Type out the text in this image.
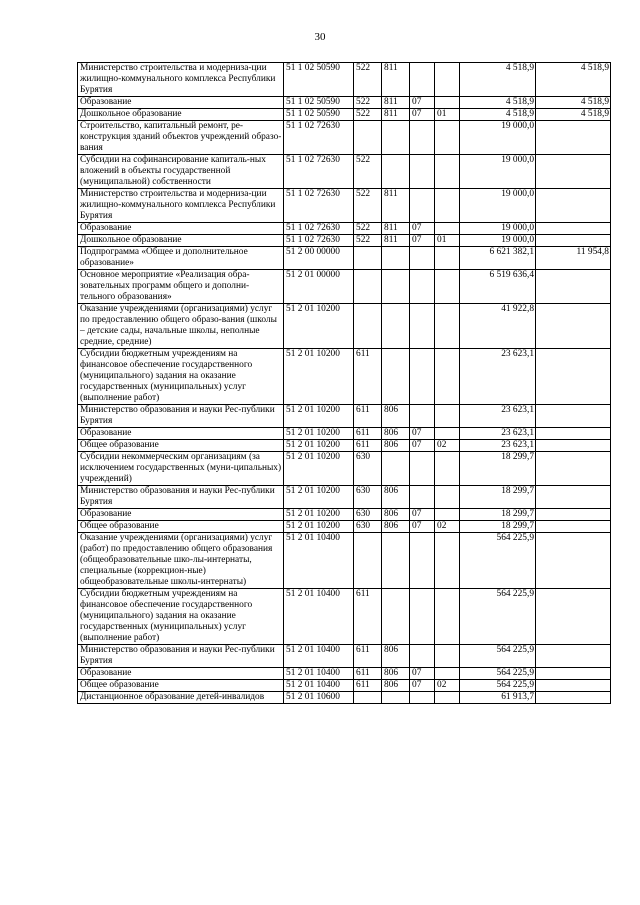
30
Министерство строительства и модерниза-ции жилищно-коммунального комплекса Республики Бурятия	51 1 02 50590	522	811			4 518,9	4 518,9
Образование	51 1 02 50590	522	811	07		4 518,9	4 518,9
Дошкольное образование	51 1 02 50590	522	811	07	01	4 518,9	4 518,9
Строительство, капитальный ремонт, ре-конструкция зданий объектов учреждений образо-вания	51 1 02 72630					19 000,0	
Субсидии на софинансирование капиталь-ных вложений в объекты государственной (муниципальной) собственности	51 1 02 72630	522				19 000,0	
Министерство строительства и модерниза-ции жилищно-коммунального комплекса Республики Бурятия	51 1 02 72630	522	811			19 000,0	
Образование	51 1 02 72630	522	811	07		19 000,0	
Дошкольное образование	51 1 02 72630	522	811	07	01	19 000,0	
Подпрограмма «Общее и дополнительное образование»	51 2 00 00000					6 621 382,1	11 954,8
Основное мероприятие «Реализация обра-зовательных программ общего и дополни-тельного образования»	51 2 01 00000					6 519 636,4	
Оказание учреждениями (организациями) услуг по предоставлению общего образо-вания (школы – детские сады, начальные школы, неполные средние, средние)	51 2 01 10200					41 922,8	
Субсидии бюджетным учреждениям на финансовое обеспечение государственного (муниципального) задания на оказание государственных (муниципальных) услуг (выполнение работ)	51 2 01 10200	611				23 623,1	
Министерство образования и науки Рес-публики Бурятия	51 2 01 10200	611	806			23 623,1	
Образование	51 2 01 10200	611	806	07		23 623,1	
Общее образование	51 2 01 10200	611	806	07	02	23 623,1	
Субсидии некоммерческим организациям (за исключением государственных (муни-ципальных) учреждений)	51 2 01 10200	630				18 299,7	
Министерство образования и науки Рес-публики Бурятия	51 2 01 10200	630	806			18 299,7	
Образование	51 2 01 10200	630	806	07		18 299,7	
Общее образование	51 2 01 10200	630	806	07	02	18 299,7	
Оказание учреждениями (организациями) услуг (работ) по предоставлению общего образования (общеобразовательные шко-лы-интернаты, специальные (коррекцион-ные) общеобразовательные школы-интернаты)	51 2 01 10400					564 225,9	
Субсидии бюджетным учреждениям на финансовое обеспечение государственного (муниципального) задания на оказание государственных (муниципальных) услуг (выполнение работ)	51 2 01 10400	611				564 225,9	
Министерство образования и науки Рес-публики Бурятия	51 2 01 10400	611	806			564 225,9	
Образование	51 2 01 10400	611	806	07		564 225,9	
Общее образование	51 2 01 10400	611	806	07	02	564 225,9	
Дистанционное образование детей-инвалидов	51 2 01 10600					61 913,7	
